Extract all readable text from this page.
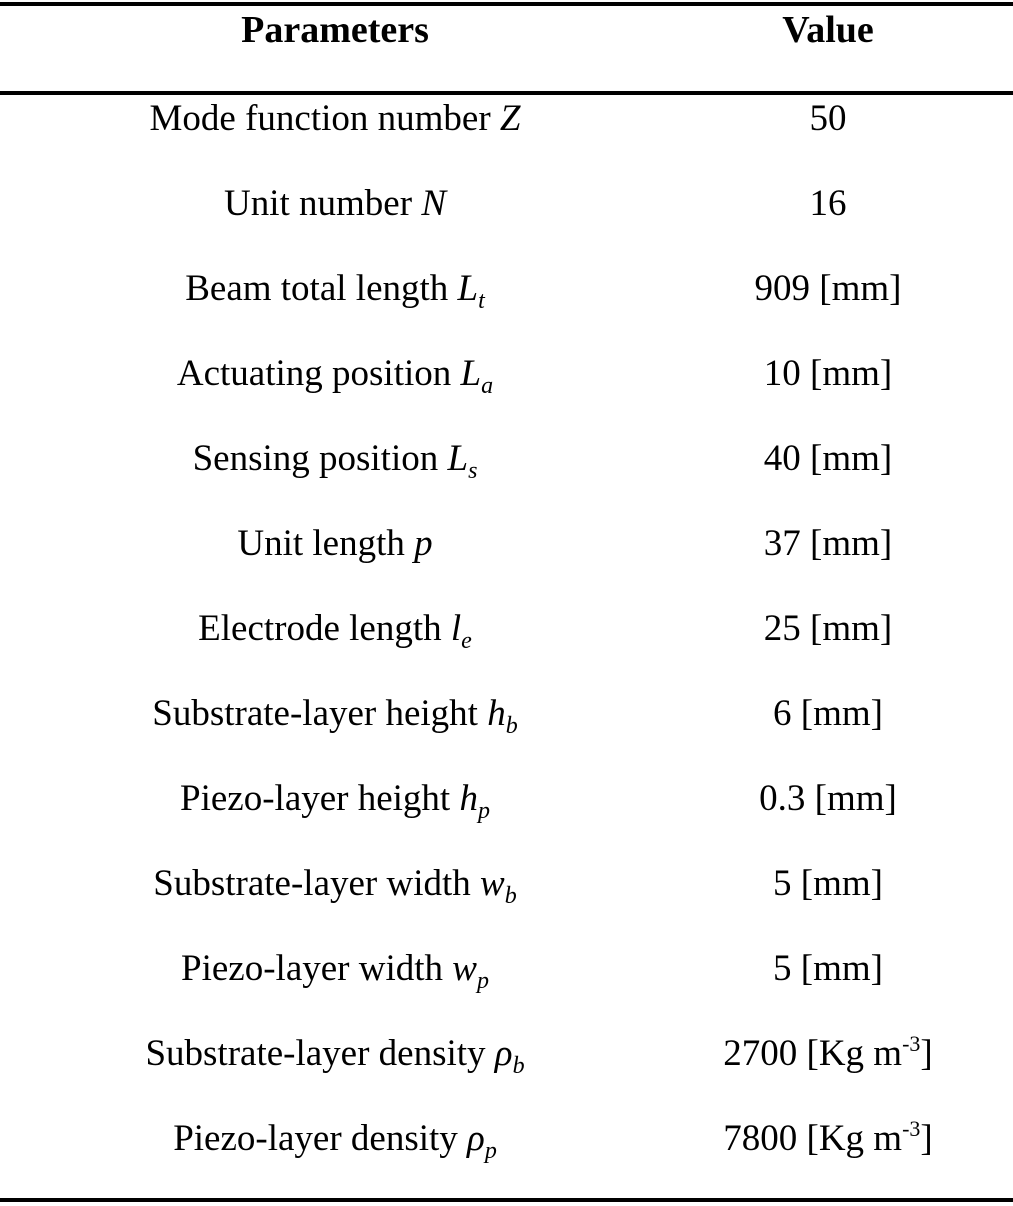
Parameters	Value
Mode function number Z	50
Unit number N	16
Beam total length $L_t$	909 [mm]
Actuating position $L_a$	10 [mm]
Sensing position $L_s$	40 [mm]
Unit length p	37 [mm]
Electrode length $l_e$	25 [mm]
Substrate-layer height $h_b$	6 [mm]
Piezo-layer height $h_p$	0.3 [mm]
Substrate-layer width $w_b$	5 [mm]
Piezo-layer width $w_p$	5 [mm]
Substrate-layer density $\rho_b$	2700 [Kg $m^{-3}$]
Piezo-layer density $\rho_p$	7800 [Kg $m^{-3}$]
